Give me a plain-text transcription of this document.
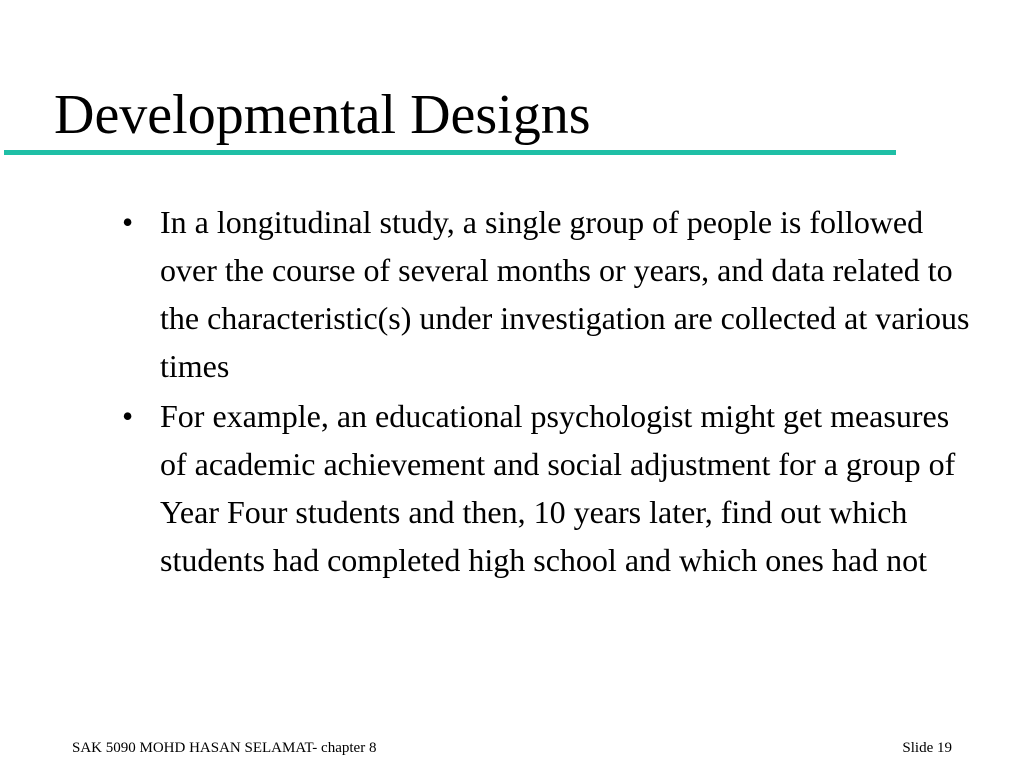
Developmental Designs
• In a longitudinal study, a single group of people is followed over the course of several months or years, and data related to the characteristic(s) under investigation are collected at various times
• For example, an educational psychologist might get measures of academic achievement and social adjustment for a group of Year Four students and then, 10 years later, find out which students had completed high school and which ones had not
SAK 5090 MOHD HASAN SELAMAT- chapter 8	Slide 19
